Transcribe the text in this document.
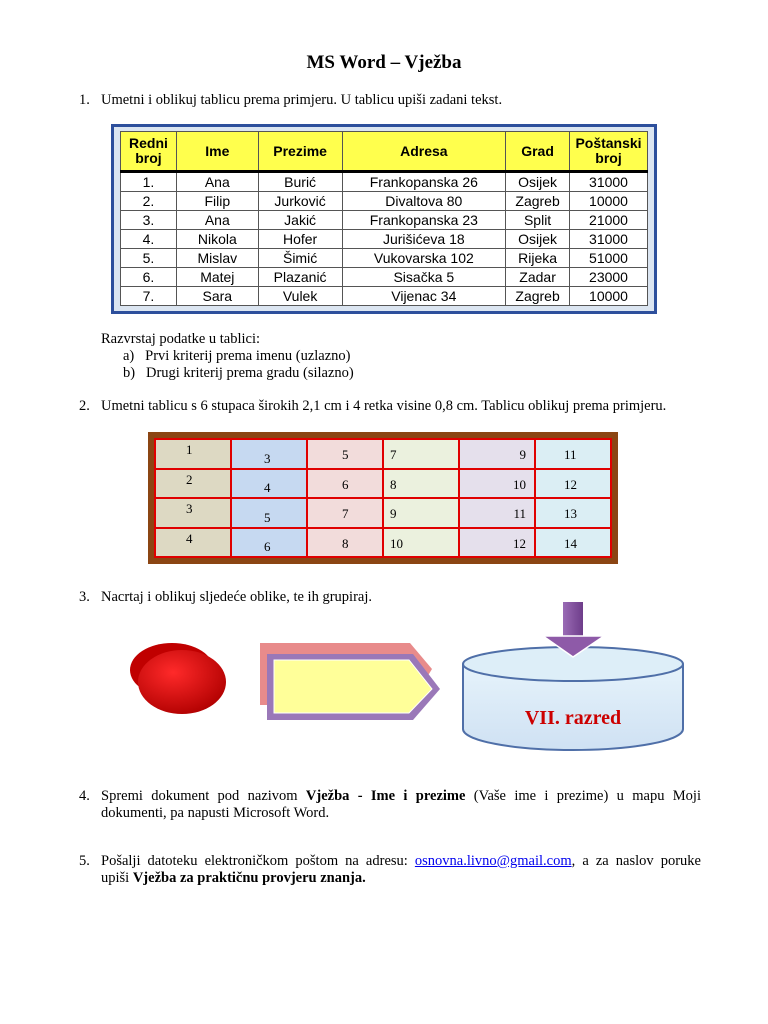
MS Word – Vježba
1. Umetni i oblikuj tablicu prema primjeru. U tablicu upiši zadani tekst.
Redni broj	Ime	Prezime	Adresa	Grad	Poštanski broj
1.	Ana	Burić	Frankopanska 26	Osijek	31000
2.	Filip	Jurković	Divaltova 80	Zagreb	10000
3.	Ana	Jakić	Frankopanska 23	Split	21000
4.	Nikola	Hofer	Jurišićeva 18	Osijek	31000
5.	Mislav	Šimić	Vukovarska 102	Rijeka	51000
6.	Matej	Plazanić	Sisačka 5	Zadar	23000
7.	Sara	Vulek	Vijenac 34	Zagreb	10000
Razvrstaj podatke u tablici:
a) Prvi kriterij prema imenu (uzlazno)
b) Drugi kriterij prema gradu (silazno)
2. Umetni tablicu s 6 stupaca širokih 2,1 cm i 4 retka visine 0,8 cm. Tablicu oblikuj prema primjeru.
1	3	5	7	9	11

2	4	6	8	10	12

3	5	7	9	11	13

4	6	8	10	12	14
3. Nacrtaj i oblikuj sljedeće oblike, te ih grupiraj.
VII. razred
4. Spremi dokument pod nazivom Vježba - Ime i prezime (Vaše ime i prezime) u mapu Moji
dokumenti, pa napusti Microsoft Word.
5. Pošalji datoteku elektroničkom poštom na adresu: osnovna.livno@gmail.com, a za naslov poruke
upiši Vježba za praktičnu provjeru znanja.
